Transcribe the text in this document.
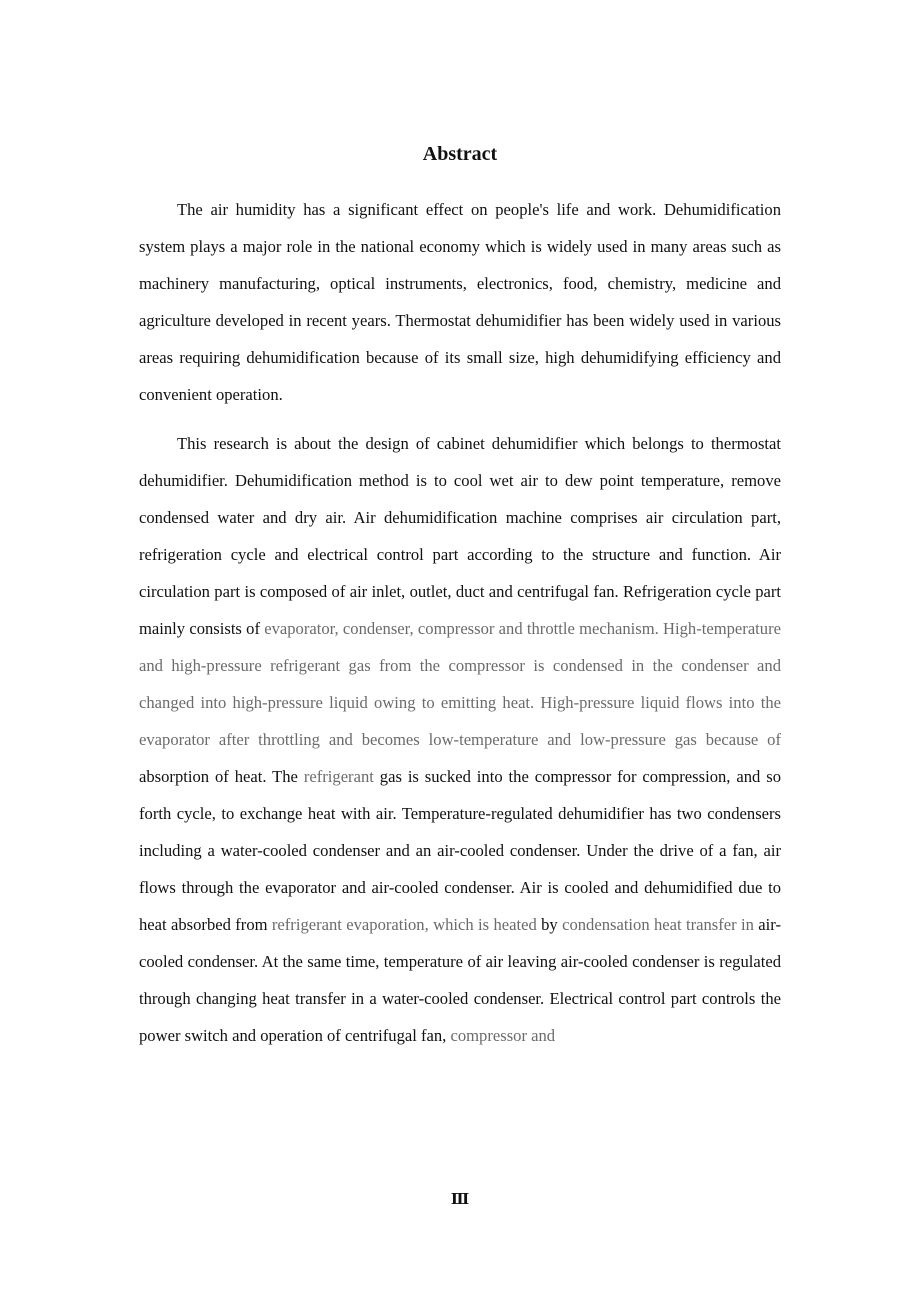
Abstract

The air humidity has a significant effect on people's life and work. Dehumidification system plays a major role in the national economy which is widely used in many areas such as machinery manufacturing, optical instruments, electronics, food, chemistry, medicine and agriculture developed in recent years. Thermostat dehumidifier has been widely used in various areas requiring dehumidification because of its small size, high dehumidifying efficiency and convenient operation.

This research is about the design of cabinet dehumidifier which belongs to thermostat dehumidifier. Dehumidification method is to cool wet air to dew point temperature, remove condensed water and dry air. Air dehumidification machine comprises air circulation part, refrigeration cycle and electrical control part according to the structure and function. Air circulation part is composed of air inlet, outlet, duct and centrifugal fan. Refrigeration cycle part mainly consists of evaporator, condenser, compressor and throttle mechanism. High-temperature and high-pressure refrigerant gas from the compressor is condensed in the condenser and changed into high-pressure liquid owing to emitting heat. High-pressure liquid flows into the evaporator after throttling and becomes low-temperature and low-pressure gas because of absorption of heat. The refrigerant gas is sucked into the compressor for compression, and so forth cycle, to exchange heat with air. Temperature-regulated dehumidifier has two condensers including a water-cooled condenser and an air-cooled condenser. Under the drive of a fan, air flows through the evaporator and air-cooled condenser. Air is cooled and dehumidified due to heat absorbed from refrigerant evaporation, which is heated by condensation heat transfer in air-cooled condenser. At the same time, temperature of air leaving air-cooled condenser is regulated through changing heat transfer in a water-cooled condenser. Electrical control part controls the power switch and operation of centrifugal fan, compressor and

Ⅲ
